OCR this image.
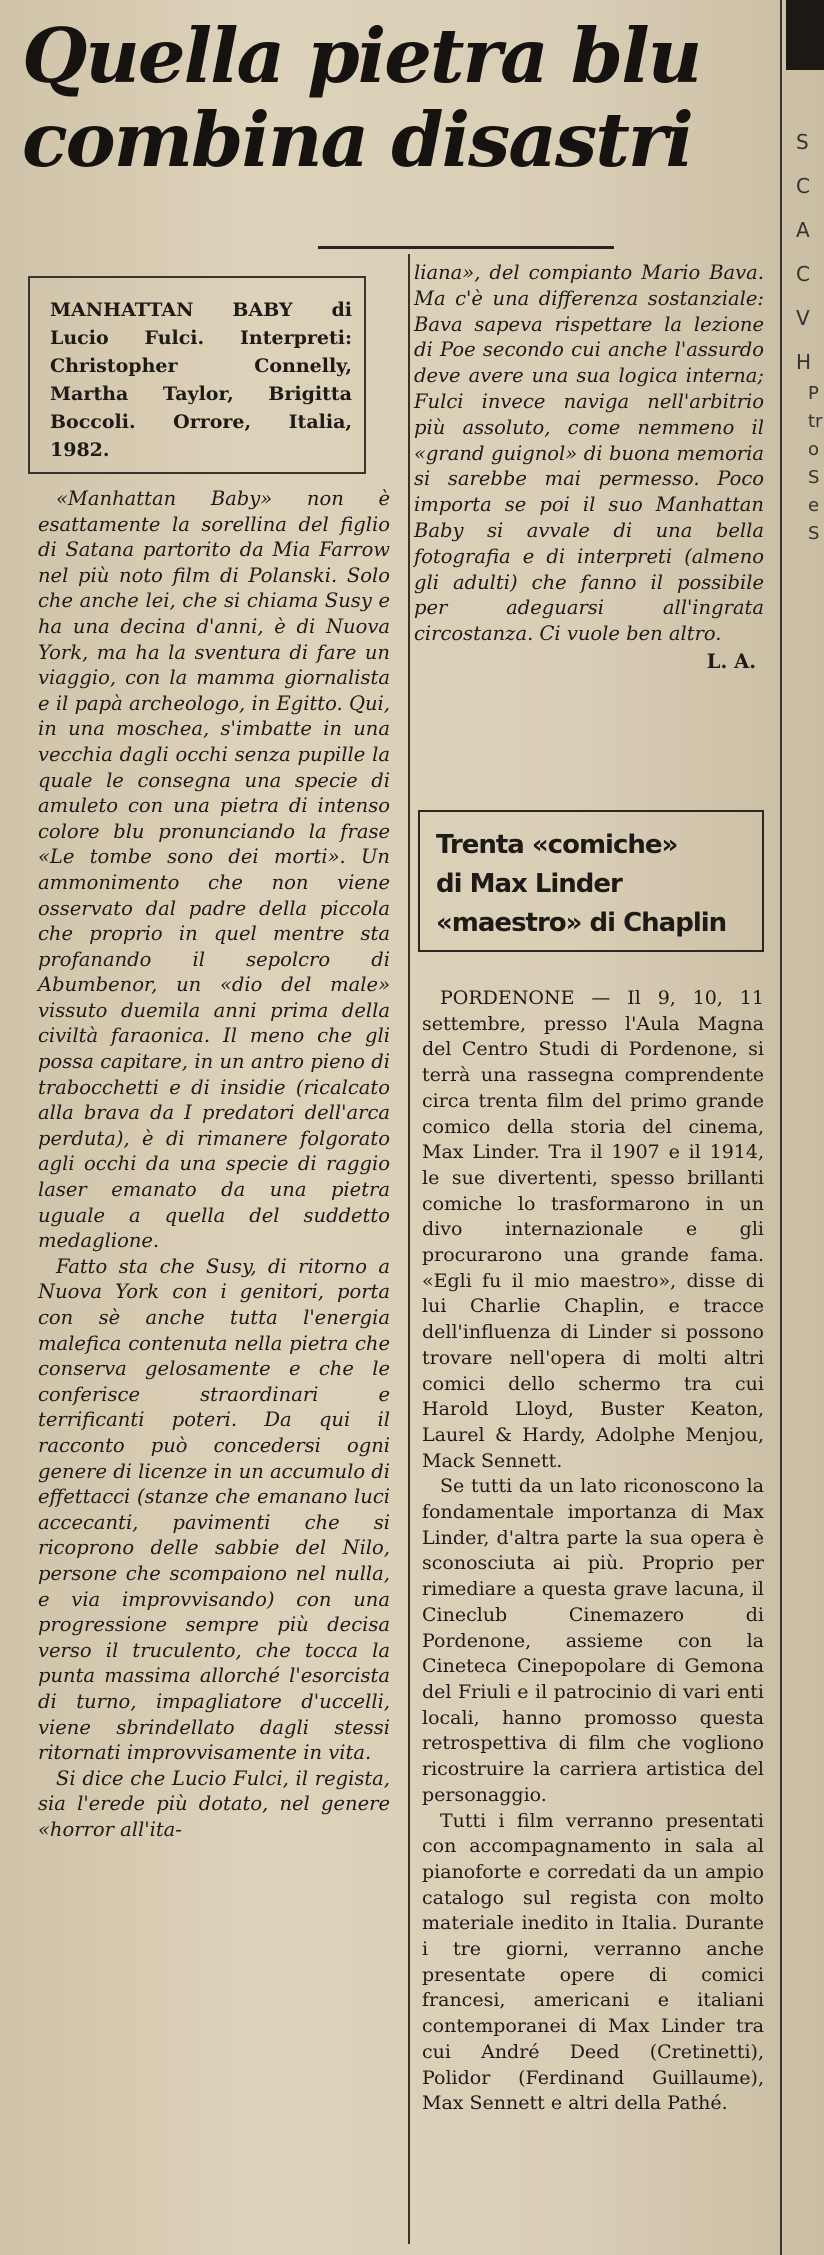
S
C
A
C
V
H
P
tr
o
S
e
S
Quella pietra blu
combina disastri

MANHATTAN BABY di Lucio Fulci. Interpreti: Christopher Connelly, Martha Taylor, Brigitta Boccoli. Orrore, Italia, 1982.

«Manhattan Baby» non è esattamente la sorellina del figlio di Satana partorito da Mia Farrow nel più noto film di Polanski. Solo che anche lei, che si chiama Susy e ha una decina d'anni, è di Nuova York, ma ha la sventura di fare un viaggio, con la mamma giornalista e il papà archeologo, in Egitto. Qui, in una moschea, s'imbatte in una vecchia dagli occhi senza pupille la quale le consegna una specie di amuleto con una pietra di intenso colore blu pronunciando la frase «Le tombe sono dei morti». Un ammonimento che non viene osservato dal padre della piccola che proprio in quel mentre sta profanando il sepolcro di Abumbenor, un «dio del male» vissuto duemila anni prima della civiltà faraonica. Il meno che gli possa capitare, in un antro pieno di trabocchetti e di insidie (ricalcato alla brava da I predatori dell'arca perduta), è di rimanere folgorato agli occhi da una specie di raggio laser emanato da una pietra uguale a quella del suddetto medaglione.

Fatto sta che Susy, di ritorno a Nuova York con i genitori, porta con sè anche tutta l'energia malefica contenuta nella pietra che conserva gelosamente e che le conferisce straordinari e terrificanti poteri. Da qui il racconto può concedersi ogni genere di licenze in un accumulo di effettacci (stanze che emanano luci accecanti, pavimenti che si ricoprono delle sabbie del Nilo, persone che scompaiono nel nulla, e via improvvisando) con una progressione sempre più decisa verso il truculento, che tocca la punta massima allorché l'esorcista di turno, impagliatore d'uccelli, viene sbrindellato dagli stessi ritornati improvvisamente in vita.

Si dice che Lucio Fulci, il regista, sia l'erede più dotato, nel genere «horror all'ita-

liana», del compianto Mario Bava. Ma c'è una differenza sostanziale: Bava sapeva rispettare la lezione di Poe secondo cui anche l'assurdo deve avere una sua logica interna; Fulci invece naviga nell'arbitrio più assoluto, come nemmeno il «grand guignol» di buona memoria si sarebbe mai permesso. Poco importa se poi il suo Manhattan Baby si avvale di una bella fotografia e di interpreti (almeno gli adulti) che fanno il possibile per adeguarsi all'ingrata circostanza. Ci vuole ben altro.

L. A.

Trenta «comiche»
di Max Linder
«maestro» di Chaplin

PORDENONE — Il 9, 10, 11 settembre, presso l'Aula Magna del Centro Studi di Pordenone, si terrà una rassegna comprendente circa trenta film del primo grande comico della storia del cinema, Max Linder. Tra il 1907 e il 1914, le sue divertenti, spesso brillanti comiche lo trasformarono in un divo internazionale e gli procurarono una grande fama. «Egli fu il mio maestro», disse di lui Charlie Chaplin, e tracce dell'influenza di Linder si possono trovare nell'opera di molti altri comici dello schermo tra cui Harold Lloyd, Buster Keaton, Laurel & Hardy, Adolphe Menjou, Mack Sennett.

Se tutti da un lato riconoscono la fondamentale importanza di Max Linder, d'altra parte la sua opera è sconosciuta ai più. Proprio per rimediare a questa grave lacuna, il Cineclub Cinemazero di Pordenone, assieme con la Cineteca Cinepopolare di Gemona del Friuli e il patrocinio di vari enti locali, hanno promosso questa retrospettiva di film che vogliono ricostruire la carriera artistica del personaggio.

Tutti i film verranno presentati con accompagnamento in sala al pianoforte e corredati da un ampio catalogo sul regista con molto materiale inedito in Italia. Durante i tre giorni, verranno anche presentate opere di comici francesi, americani e italiani contemporanei di Max Linder tra cui André Deed (Cretinetti), Polidor (Ferdinand Guillaume), Max Sennett e altri della Pathé.
